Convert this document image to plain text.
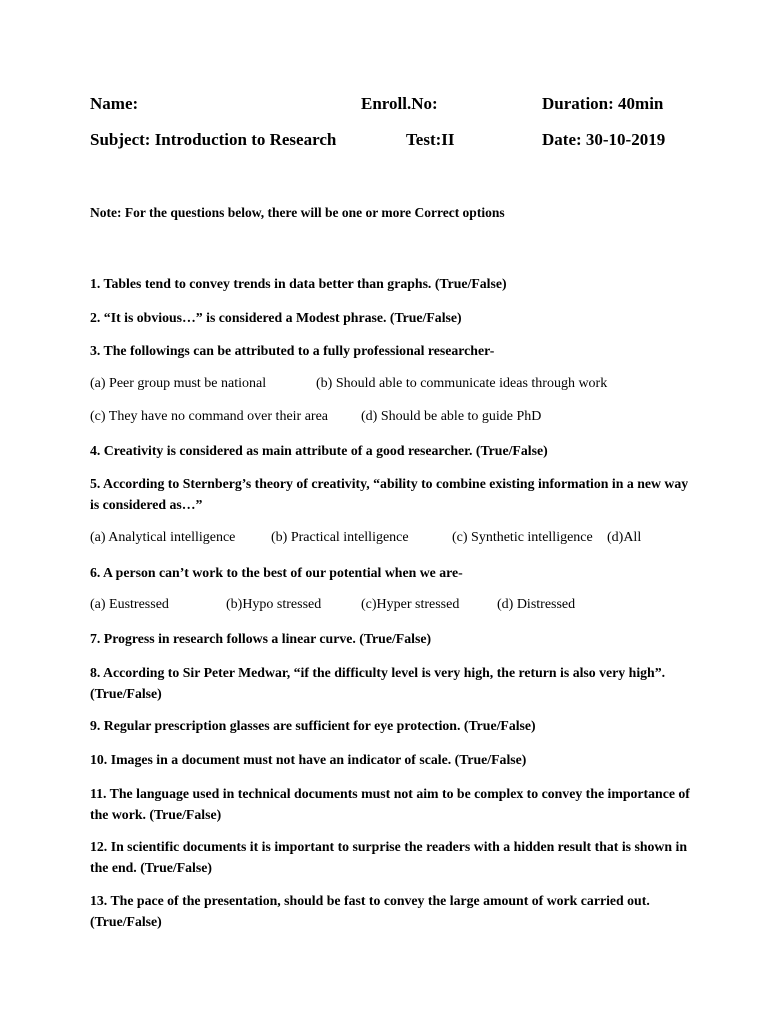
Name:	Enroll.No:	Duration: 40min
Subject: Introduction to Research	Test:II	Date: 30-10-2019
Note: For the questions below, there will be one or more Correct options
1. Tables tend to convey trends in data better than graphs. (True/False)
2. “It is obvious…” is considered a Modest phrase. (True/False)
3. The followings can be attributed to a fully professional researcher-
(a) Peer group must be national	(b) Should able to communicate ideas through work
(c) They have no command over their area (d) Should be able to guide PhD
4. Creativity is considered as main attribute of a good researcher. (True/False)
5. According to Sternberg’s theory of creativity, “ability to combine existing information in a new way is considered as…”
(a) Analytical intelligence	(b) Practical intelligence	(c) Synthetic intelligence (d)All
6. A person can’t work to the best of our potential when we are-
(a) Eustressed	(b)Hypo stressed	(c)Hyper stressed	(d) Distressed
7. Progress in research follows a linear curve. (True/False)
8. According to Sir Peter Medwar, “if the difficulty level is very high, the return is also very high”. (True/False)
9. Regular prescription glasses are sufficient for eye protection. (True/False)
10. Images in a document must not have an indicator of scale. (True/False)
11. The language used in technical documents must not aim to be complex to convey the importance of the work. (True/False)
12. In scientific documents it is important to surprise the readers with a hidden result that is shown in the end. (True/False)
13. The pace of the presentation, should be fast to convey the large amount of work carried out. (True/False)
